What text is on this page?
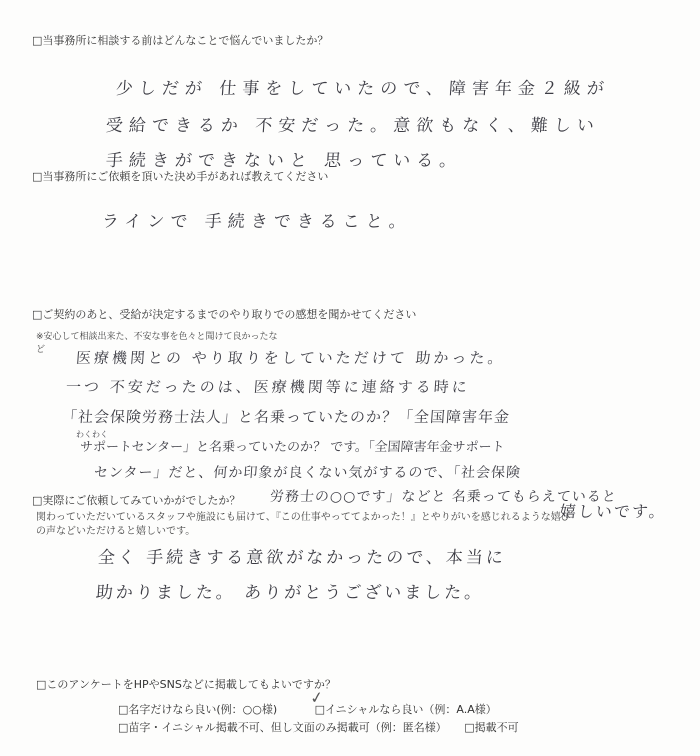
□当事務所に相談する前はどんなことで悩んでいましたか？
少しだが 仕事をしていたので、障害年金２級が
受給できるか 不安だった。意欲もなく、難しい
手続きができないと 思っている。
□当事務所にご依頼を頂いた決め手があれば教えてください
ラインで 手続きできること。
□ご契約のあと、受給が決定するまでのやり取りでの感想を聞かせてください
※安心して相談出来た、不安な事を色々と聞けて良かったな
ど 医療機関との やり取りをしていただけて 助かった。
一つ 不安だったのは、医療機関等に連絡する時に
「社会保険労務士法人」と名乗っていたのか？「全国障害年金
わくわく
サポートセンター」と名乗っていたのか？ です。「全国障害年金サポート
センター」だと、何か印象が良くない気がするので、「社会保険
労務士の○○です」などと 名乗ってもらえていると
□実際にご依頼してみていかがでしたか？
関わっていただいているスタッフや施設にも届けて、『この仕事やっててよかった！』とやりがいを感じれるような嬉び
の声などいただけると嬉しいです。
嬉しいです。
全く 手続きする意欲がなかったので、本当に
助かりました。 ありがとうございました。
□このアンケートをHPやSNSなどに掲載してもよいですか？
□名字だけなら良い(例：○○様)	□イニシャルなら良い（例：A.A様）
✓
□苗字・イニシャル掲載不可、但し文面のみ掲載可（例：匿名様） □掲載不可
